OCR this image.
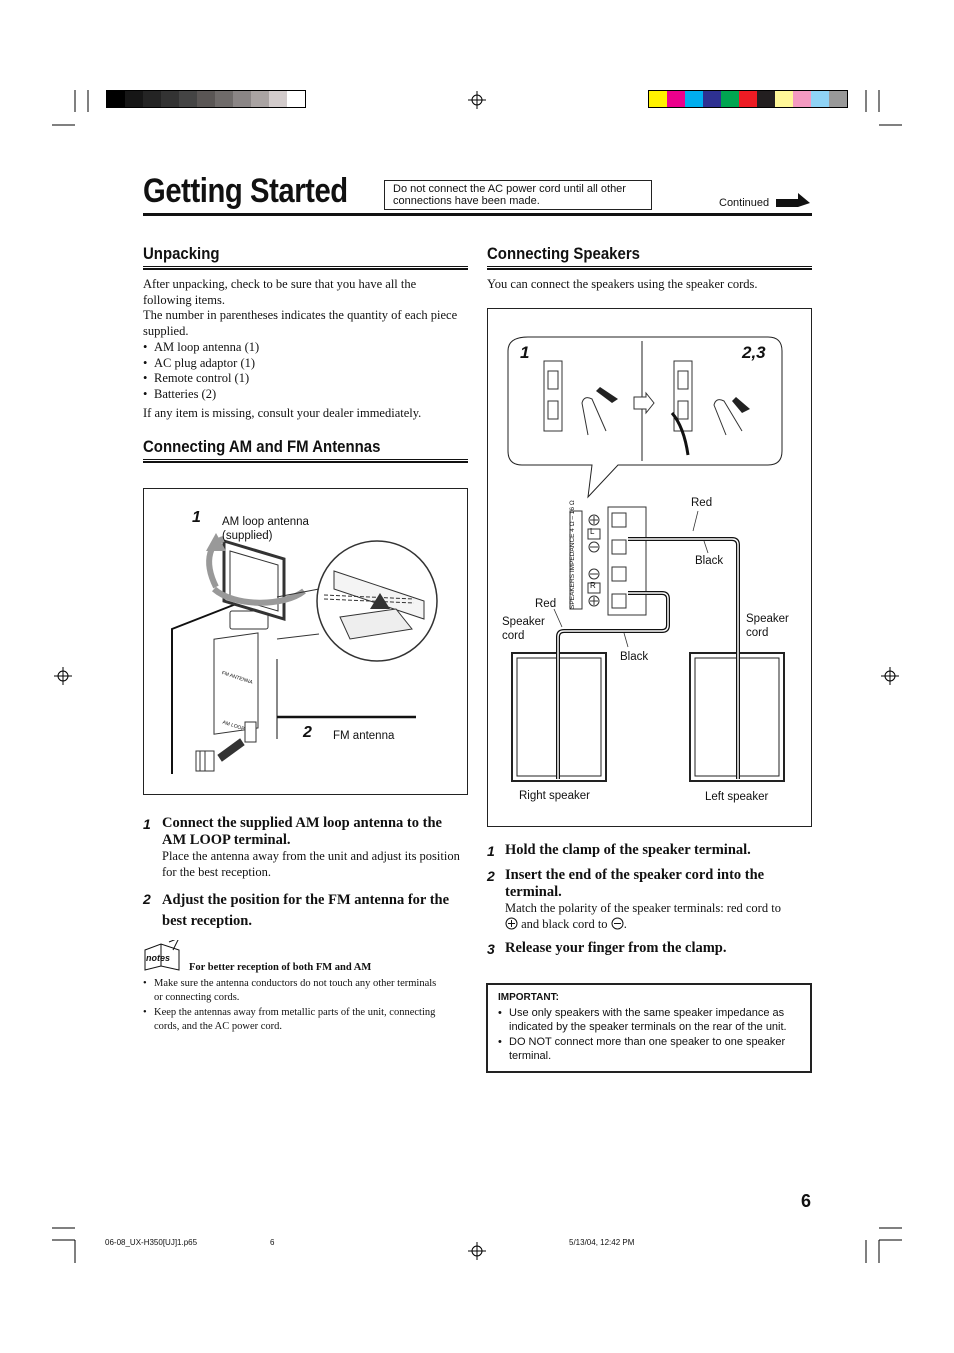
Getting Started	Do not connect the AC power cord until all other connections have been made.	Continued
Unpacking

After unpacking, check to be sure that you have all the following items.

The number in parentheses indicates the quantity of each piece supplied.

• AM loop antenna (1)
• AC plug adaptor (1)
• Remote control (1)
• Batteries (2)

If any item is missing, consult your dealer immediately.

Connecting AM and FM Antennas
1 AM loop antenna (supplied)
2 FM antenna
FM ANTENNA
AM LOOP
1 Connect the supplied AM loop antenna to the AM LOOP terminal.
Place the antenna away from the unit and adjust its position for the best reception.
2 Adjust the position for the FM antenna for the best reception.
notes
For better reception of both FM and AM
• Make sure the antenna conductors do not touch any other terminals or connecting cords.
• Keep the antennas away from metallic parts of the unit, connecting cords, and the AC power cord.
Connecting Speakers
You can connect the speakers using the speaker cords.
1	2,3
SPEAKERS IMPEDANCE 4 Ω – 16 Ω L
R
Red
Black
Red
Speaker cord
Speaker cord
Black
Right speaker	Left speaker
1 Hold the clamp of the speaker terminal.
2 Insert the end of the speaker cord into the terminal.
Match the polarity of the speaker terminals: red cord to
and black cord to .
3 Release your finger from the clamp.
IMPORTANT:
• Use only speakers with the same speaker impedance as indicated by the speaker terminals on the rear of the unit.
• DO NOT connect more than one speaker to one speaker terminal.
6
06-08_UX-H350[UJ]1.p65	6	5/13/04, 12:42 PM
